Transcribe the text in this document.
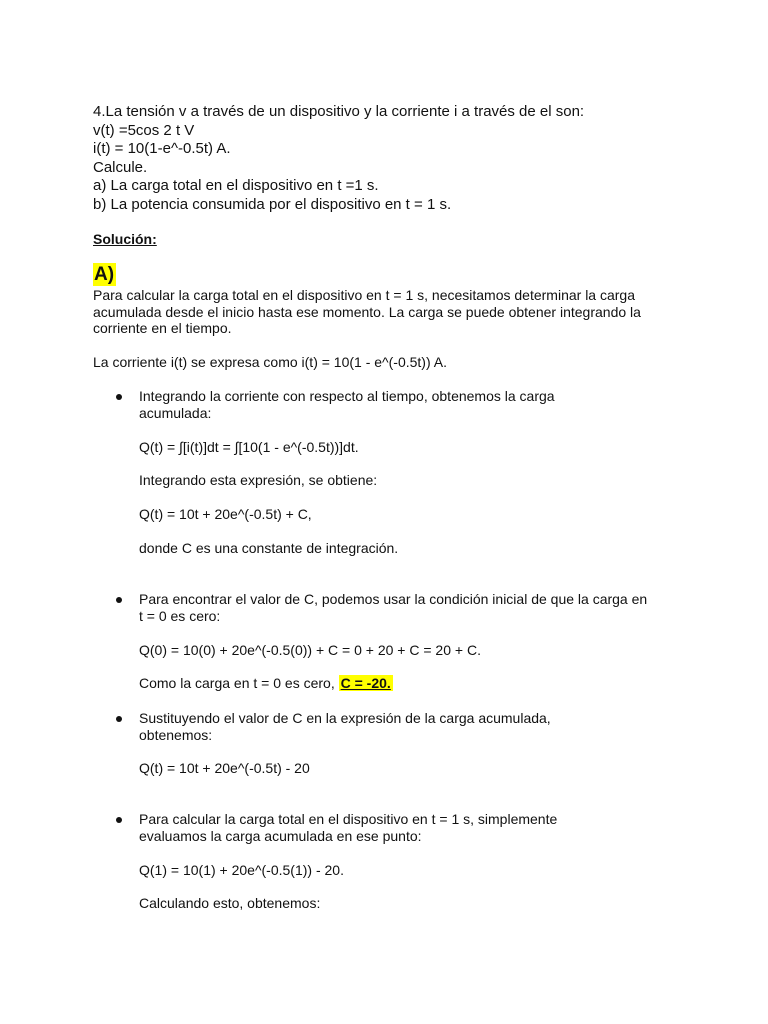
4.La tensión v a través de un dispositivo y la corriente i a través de el son:
v(t) =5cos 2 t V
i(t) = 10(1-e^-0.5t) A.
Calcule.
a) La carga total en el dispositivo en t =1 s.
b) La potencia consumida por el dispositivo en t = 1 s.
Solución:
A)
Para calcular la carga total en el dispositivo en t = 1 s, necesitamos determinar la carga acumulada desde el inicio hasta ese momento. La carga se puede obtener integrando la corriente en el tiempo.
La corriente i(t) se expresa como i(t) = 10(1 - e^(-0.5t)) A.
Integrando la corriente con respecto al tiempo, obtenemos la carga acumulada:
Q(t) = ∫[i(t)]dt = ∫[10(1 - e^(-0.5t))]dt.
Integrando esta expresión, se obtiene:
Q(t) = 10t + 20e^(-0.5t) + C,
donde C es una constante de integración.
Para encontrar el valor de C, podemos usar la condición inicial de que la carga en t = 0 es cero:
Q(0) = 10(0) + 20e^(-0.5(0)) + C = 0 + 20 + C = 20 + C.
Como la carga en t = 0 es cero, C = -20.
Sustituyendo el valor de C en la expresión de la carga acumulada, obtenemos:
Q(t) = 10t + 20e^(-0.5t) - 20
Para calcular la carga total en el dispositivo en t = 1 s, simplemente evaluamos la carga acumulada en ese punto:
Q(1) = 10(1) + 20e^(-0.5(1)) - 20.
Calculando esto, obtenemos:
